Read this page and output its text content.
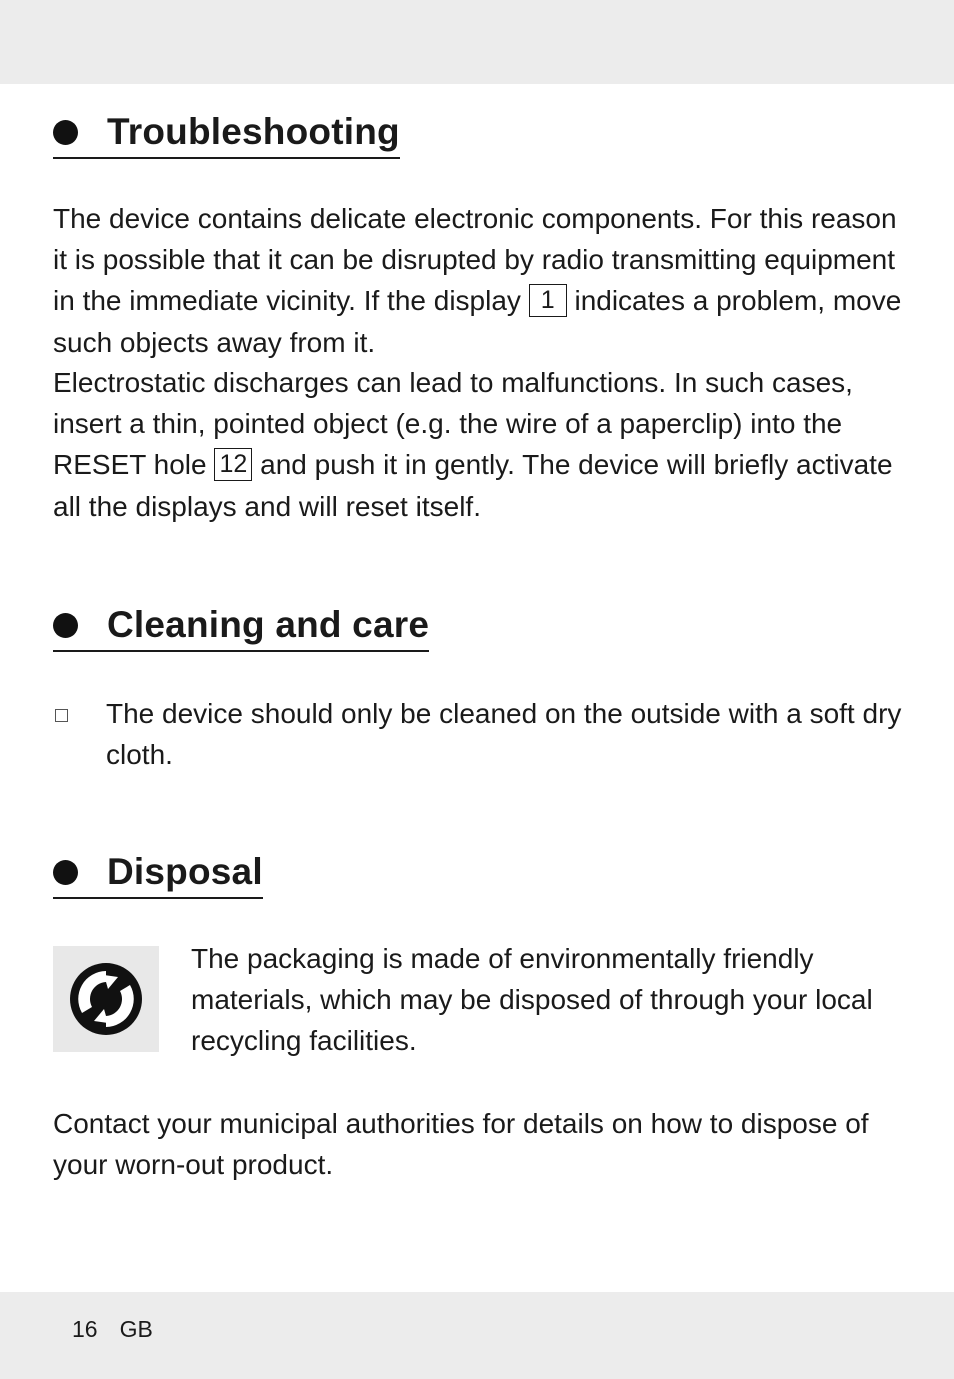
Troubleshooting

The device contains delicate electronic components. For this reason it is possible that it can be disrupted by radio transmitting equipment in the immediate vicinity. If the display 1 indicates a problem, move such objects away from it.

Electrostatic discharges can lead to malfunctions. In such cases, insert a thin, pointed object (e.g. the wire of a paperclip) into the RESET hole 12 and push it in gently. The device will briefly activate all the displays and will reset itself.

Cleaning and care
The device should only be cleaned on the outside with a soft dry cloth.
Disposal

The packaging is made of environmentally friendly materials, which may be disposed of through your local recycling facilities.

Contact your municipal authorities for details on how to dispose of your worn-out product.

16 GB
